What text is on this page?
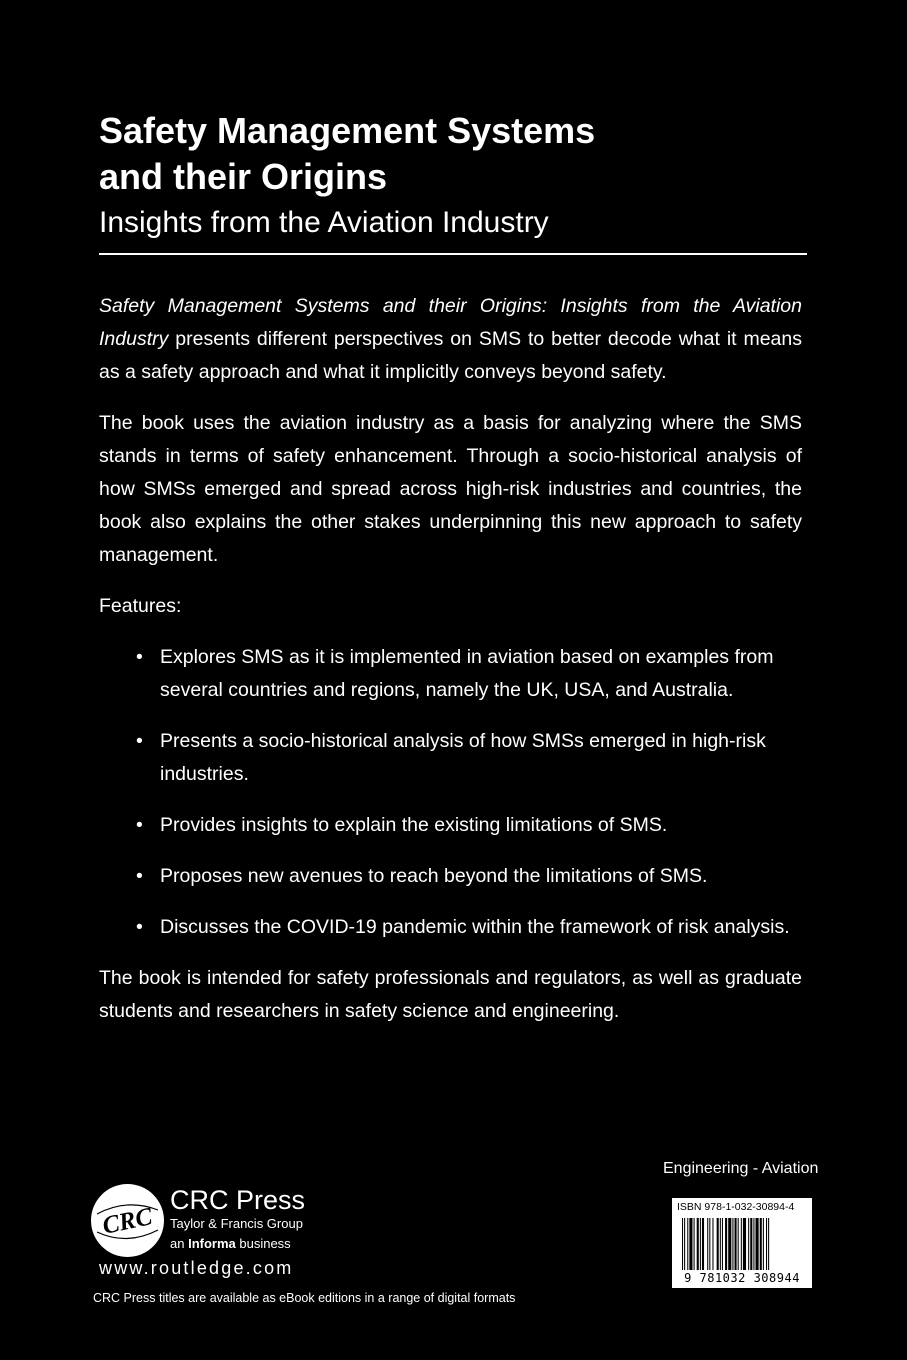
Safety Management Systems
and their Origins
Insights from the Aviation Industry

Safety Management Systems and their Origins: Insights from the Aviation Industry presents different perspectives on SMS to better decode what it means as a safety approach and what it implicitly conveys beyond safety.

The book uses the aviation industry as a basis for analyzing where the SMS stands in terms of safety enhancement. Through a socio-historical analysis of how SMSs emerged and spread across high-risk industries and countries, the book also explains the other stakes underpinning this new approach to safety management.

Features:

• Explores SMS as it is implemented in aviation based on examples from several countries and regions, namely the UK, USA, and Australia.
• Presents a socio-historical analysis of how SMSs emerged in high-risk industries.
• Provides insights to explain the existing limitations of SMS.
• Proposes new avenues to reach beyond the limitations of SMS.
• Discusses the COVID-19 pandemic within the framework of risk analysis.

The book is intended for safety professionals and regulators, as well as graduate students and researchers in safety science and engineering.

Engineering - Aviation
ISBN 978-1-032-30894-4
9 781032 308944
CRC
CRC Press
Taylor & Francis Group
an Informa business
www.routledge.com
CRC Press titles are available as eBook editions in a range of digital formats
